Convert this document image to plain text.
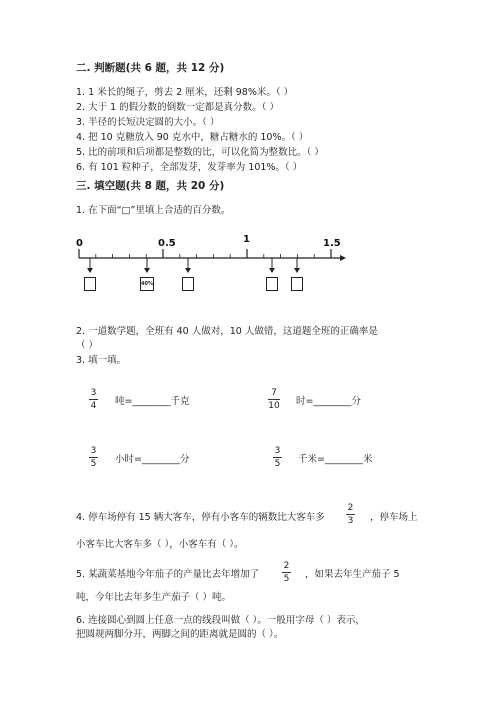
二. 判断题(共 6 题，共 12 分)
1. 1 米长的绳子，剪去 2 厘米，还剩 98%米。（ ）
2. 大于 1 的假分数的倒数一定都是真分数。（ ）
3. 半径的长短决定圆的大小。（ ）
4. 把 10 克糖放入 90 克水中，糖占糖水的 10%。（ ）
5. 比的前项和后项都是整数的比，可以化简为整数比。（ ）
6. 有 101 粒种子，全部发芽，发芽率为 101%。（ ）
三. 填空题(共 8 题，共 20 分)
1. 在下面“□”里填上合适的百分数。
0	0.5	1	1.5
40%
2. 一道数学题，全班有 40 人做对，10 人做错，这道题全班的正确率是
（ ）
3. 填一填。
3
4 吨=________千克
7
10 时=________分
3
5 小时=________分
3
5 千米=________米
4. 停车场停有 15 辆大客车，停有小客车的辆数比大客车多
2
3 ，停车场上
小客车比大客车多（ ），小客车有（ ）。
5. 某蔬菜基地今年茄子的产量比去年增加了
2
5 ，如果去年生产茄子 5
吨，今年比去年多生产茄子（ ）吨。
6. 连接圆心到圆上任意一点的线段叫做（ ）。一般用字母（ ）表示，
把圆规两脚分开，两脚之间的距离就是圆的（ ）。
